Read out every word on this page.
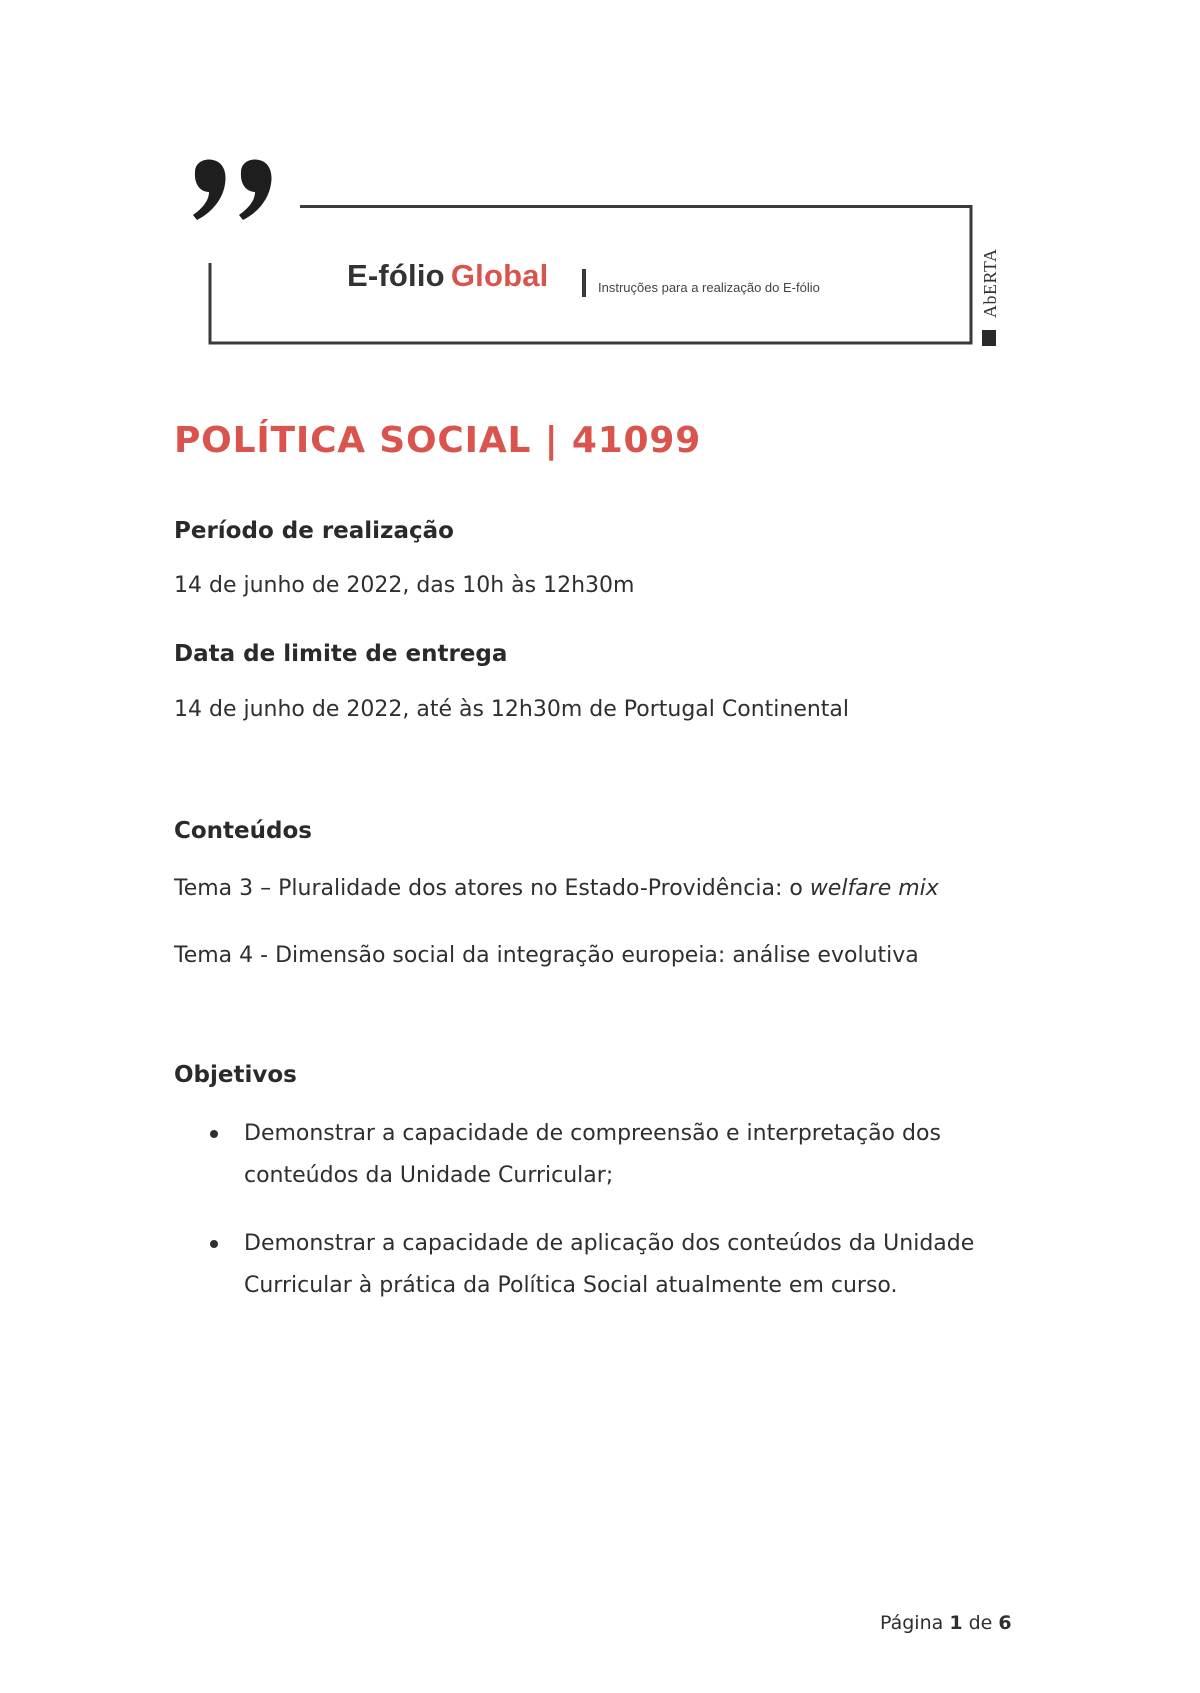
E-fólio Global	Instruções para a realização do E-fólio	AbERTA
POLÍTICA SOCIAL | 41099
Período de realização
14 de junho de 2022, das 10h às 12h30m
Data de limite de entrega
14 de junho de 2022, até às 12h30m de Portugal Continental
Conteúdos
Tema 3 – Pluralidade dos atores no Estado-Providência: o welfare mix
Tema 4 - Dimensão social da integração europeia: análise evolutiva
Objetivos
Demonstrar a capacidade de compreensão e interpretação dos conteúdos da Unidade Curricular;
Demonstrar a capacidade de aplicação dos conteúdos da Unidade Curricular à prática da Política Social atualmente em curso.
Página 1 de 6
